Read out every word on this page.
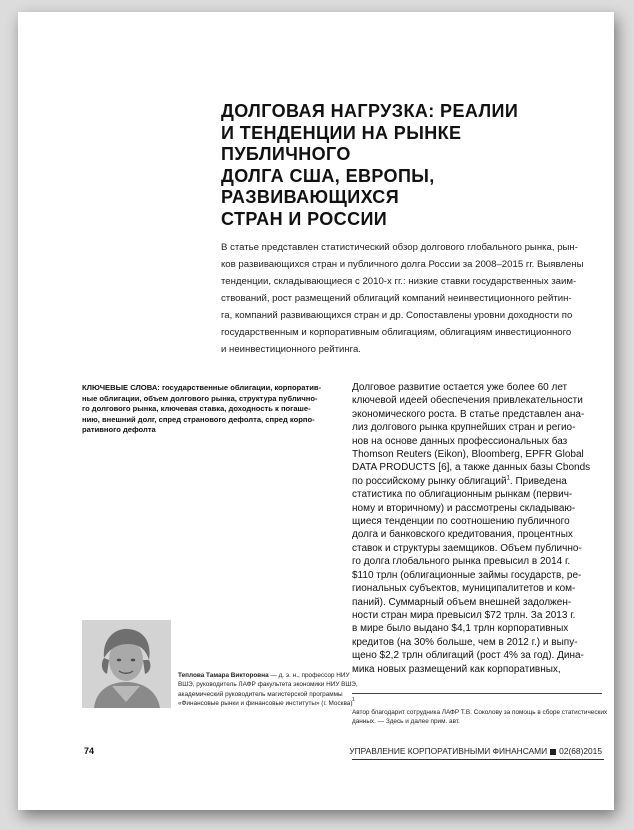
ДОЛГОВАЯ НАГРУЗКА: РЕАЛИИ
И ТЕНДЕНЦИИ НА РЫНКЕ ПУБЛИЧНОГО
ДОЛГА США, ЕВРОПЫ, РАЗВИВАЮЩИХСЯ
СТРАН И РОССИИ

В статье представлен статистический обзор долгового глобального рынка, рын-
ков развивающихся стран и публичного долга России за 2008–2015 гг. Выявлены
тенденции, складывающиеся с 2010-х гг.: низкие ставки государственных заим-
ствований, рост размещений облигаций компаний неинвестиционного рейтин-
га, компаний развивающихся стран и др. Сопоставлены уровни доходности по
государственным и корпоративным облигациям, облигациям инвестиционного
и неинвестиционного рейтинга.

КЛЮЧЕВЫЕ СЛОВА: государственные облигации, корпоратив-
ные облигации, объем долгового рынка, структура публично-
го долгового рынка, ключевая ставка, доходность к погаше-
нию, внешний долг, спред странового дефолта, спред корпо-
ративного дефолта

Долговое развитие остается уже более 60 лет
ключевой идеей обеспечения привлекательности
экономического роста. В статье представлен ана-
лиз долгового рынка крупнейших стран и регио-
нов на основе данных профессиональных баз
Thomson Reuters (Eikon), Bloomberg, EPFR Global
DATA PRODUCTS [6], а также данных базы Cbonds
по российскому рынку облигаций$^1$. Приведена
статистика по облигационным рынкам (первич-
ному и вторичному) и рассмотрены складываю-
щиеся тенденции по соотношению публичного
долга и банковского кредитования, процентных
ставок и структуры заемщиков. Объем публично-
го долга глобального рынка превысил в 2014 г.
$110 трлн (облигационные займы государств, ре-
гиональных субъектов, муниципалитетов и ком-
паний). Суммарный объем внешней задолжен-
ности стран мира превысил $72 трлн. За 2013 г.
в мире было выдано $4,1 трлн корпоративных
кредитов (на 30% больше, чем в 2012 г.) и выпу-
щено $2,2 трлн облигаций (рост 4% за год). Дина-
мика новых размещений как корпоративных,

Теплова Тамара Викторовна — д. э. н., профессор НИУ
ВШЭ, руководитель ЛАФР факультета экономики НИУ ВШЭ,
академический руководитель магистерской программы
«Финансовые рынки и финансовые институты» (г. Москва)

$^1$
Автор благодарит сотрудника ЛАФР Т.В. Соколову за помощь в сборе статистических
данных. — Здесь и далее прим. авт.

74	УПРАВЛЕНИЕ КОРПОРАТИВНЫМИ ФИНАНСАМИ 02(68)2015
